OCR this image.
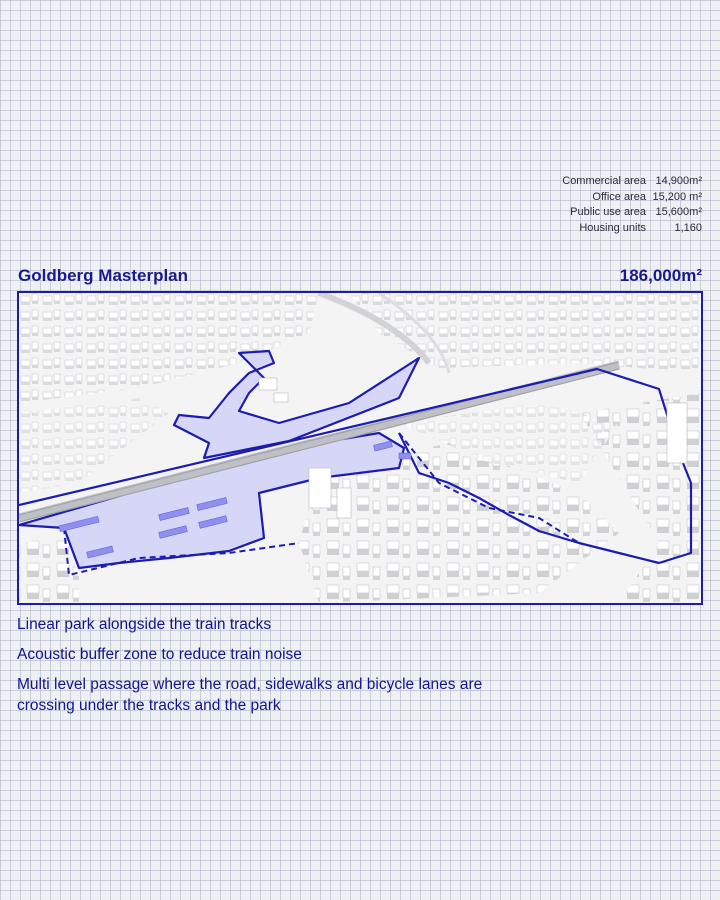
Commercial area 14,900m²
Office area 15,200 m²
Public use area 15,600m²
Housing units	1,160
Goldberg Masterplan	186,000m²
Linear park alongside the train tracks
Acoustic buffer zone to reduce train noise
Multi level passage where the road, sidewalks and bicycle lanes are crossing under the tracks and the park
